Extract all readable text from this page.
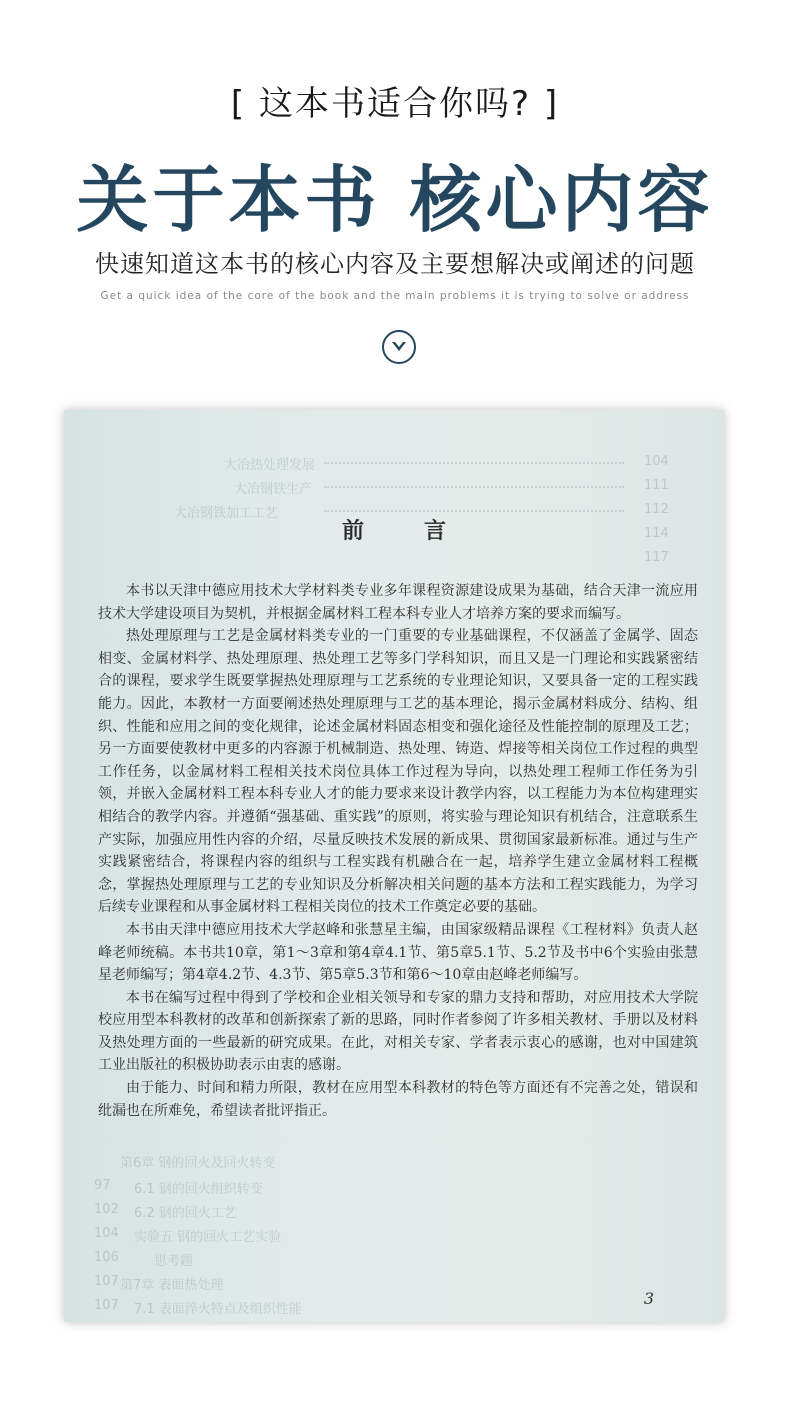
[ 这本书适合你吗? ]
关于本书 核心内容
快速知道这本书的核心内容及主要想解决或阐述的问题
Get a quick idea of the core of the book and the main problems it is trying to solve or address
大冶热处理发展
大冶钢铁生产
大冶钢铁加工工艺
104
111
112
114
117
第6章 钢的回火及回火转变
6.1 钢的回火组织转变
6.2 钢的回火工艺
实验五 钢的回火工艺实验
思考题
第7章 表面热处理
7.1 表面淬火特点及组织性能
97
102
104
106
107
107
前言

本书以天津中德应用技术大学材料类专业多年课程资源建设成果为基础，结合天津一流应用技术大学建设项目为契机，并根据金属材料工程本科专业人才培养方案的要求而编写。

热处理原理与工艺是金属材料类专业的一门重要的专业基础课程，不仅涵盖了金属学、固态相变、金属材料学、热处理原理、热处理工艺等多门学科知识，而且又是一门理论和实践紧密结合的课程，要求学生既要掌握热处理原理与工艺系统的专业理论知识，又要具备一定的工程实践能力。因此，本教材一方面要阐述热处理原理与工艺的基本理论，揭示金属材料成分、结构、组织、性能和应用之间的变化规律，论述金属材料固态相变和强化途径及性能控制的原理及工艺；另一方面要使教材中更多的内容源于机械制造、热处理、铸造、焊接等相关岗位工作过程的典型工作任务，以金属材料工程相关技术岗位具体工作过程为导向，以热处理工程师工作任务为引领，并嵌入金属材料工程本科专业人才的能力要求来设计教学内容，以工程能力为本位构建理实相结合的教学内容。并遵循“强基础、重实践”的原则，将实验与理论知识有机结合，注意联系生产实际，加强应用性内容的介绍，尽量反映技术发展的新成果、贯彻国家最新标准。通过与生产实践紧密结合，将课程内容的组织与工程实践有机融合在一起，培养学生建立金属材料工程概念，掌握热处理原理与工艺的专业知识及分析解决相关问题的基本方法和工程实践能力，为学习后续专业课程和从事金属材料工程相关岗位的技术工作奠定必要的基础。

本书由天津中德应用技术大学赵峰和张慧星主编，由国家级精品课程《工程材料》负责人赵峰老师统稿。本书共10章，第1～3章和第4章4.1节、第5章5.1节、5.2节及书中6个实验由张慧星老师编写；第4章4.2节、4.3节、第5章5.3节和第6～10章由赵峰老师编写。

本书在编写过程中得到了学校和企业相关领导和专家的鼎力支持和帮助，对应用技术大学院校应用型本科教材的改革和创新探索了新的思路，同时作者参阅了许多相关教材、手册以及材料及热处理方面的一些最新的研究成果。在此，对相关专家、学者表示衷心的感谢，也对中国建筑工业出版社的积极协助表示由衷的感谢。

由于能力、时间和精力所限，教材在应用型本科教材的特色等方面还有不完善之处，错误和纰漏也在所难免，希望读者批评指正。

3
